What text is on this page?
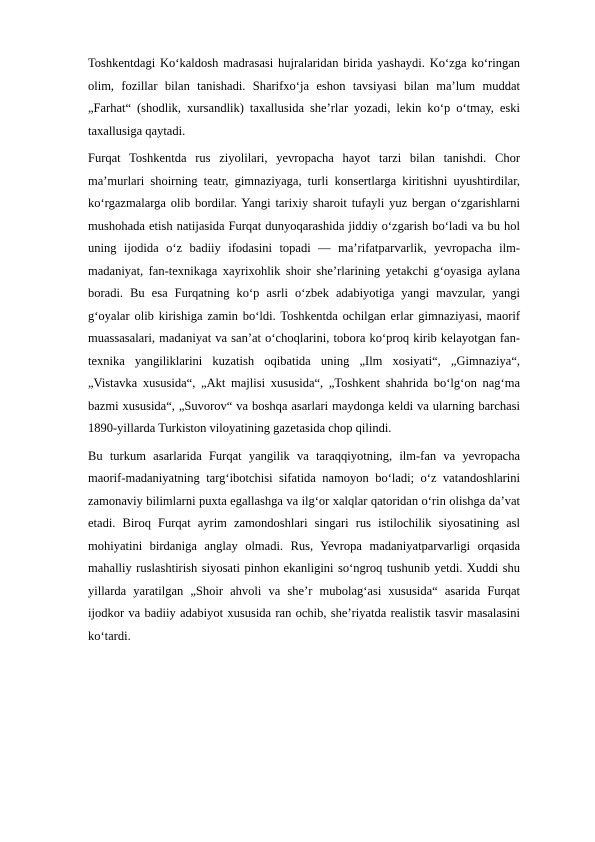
Toshkentdagi Ko‘kaldosh madrasasi hujralaridan birida yashaydi. Ko‘zga ko‘ringan olim, fozillar bilan tanishadi. Sharifxo‘ja eshon tavsiyasi bilan ma’lum muddat „Farhat“ (shodlik, xursandlik) taxallusida she’rlar yozadi, lekin ko‘p o‘tmay, eski taxallusiga qaytadi.

Furqat Toshkentda rus ziyolilari, yevropacha hayot tarzi bilan tanishdi. Chor ma’murlari shoirning teatr, gimnaziyaga, turli konsertlarga kiritishni uyushtirdilar, ko‘rgazmalarga olib bordilar. Yangi tarixiy sharoit tufayli yuz bergan o‘zgarishlarni mushohada etish natijasida Furqat dunyoqarashida jiddiy o‘zgarish bo‘ladi va bu hol uning ijodida o‘z badiiy ifodasini topadi — ma’rifatparvarlik, yevropacha ilm-madaniyat, fan-texnikaga xayrixohlik shoir she’rlarining yetakchi g‘oyasiga aylana boradi. Bu esa Furqatning ko‘p asrli o‘zbek adabiyotiga yangi mavzular, yangi g‘oyalar olib kirishiga zamin bo‘ldi. Toshkentda ochilgan erlar gimnaziyasi, maorif muassasalari, madaniyat va san’at o‘choqlarini, tobora ko‘proq kirib kelayotgan fan-texnika yangiliklarini kuzatish oqibatida uning „Ilm xosiyati“, „Gimnaziya“, „Vistavka xususida“, „Akt majlisi xususida“, „Toshkent shahrida bo‘lg‘on nag‘ma bazmi xususida“, „Suvorov“ va boshqa asarlari maydonga keldi va ularning barchasi 1890-yillarda Turkiston viloyatining gazetasida chop qilindi.

Bu turkum asarlarida Furqat yangilik va taraqqiyotning, ilm-fan va yevropacha maorif-madaniyatning targ‘ibotchisi sifatida namoyon bo‘ladi; o‘z vatandoshlarini zamonaviy bilimlarni puxta egallashga va ilg‘or xalqlar qatoridan o‘rin olishga da’vat etadi. Biroq Furqat ayrim zamondoshlari singari rus istilochilik siyosatining asl mohiyatini birdaniga anglay olmadi. Rus, Yevropa madaniyatparvarligi orqasida mahalliy ruslashtirish siyosati pinhon ekanligini so‘ngroq tushunib yetdi. Xuddi shu yillarda yaratilgan „Shoir ahvoli va she’r mubolag‘asi xususida“ asarida Furqat ijodkor va badiiy adabiyot xususida ran ochib, she’riyatda realistik tasvir masalasini ko‘tardi.
